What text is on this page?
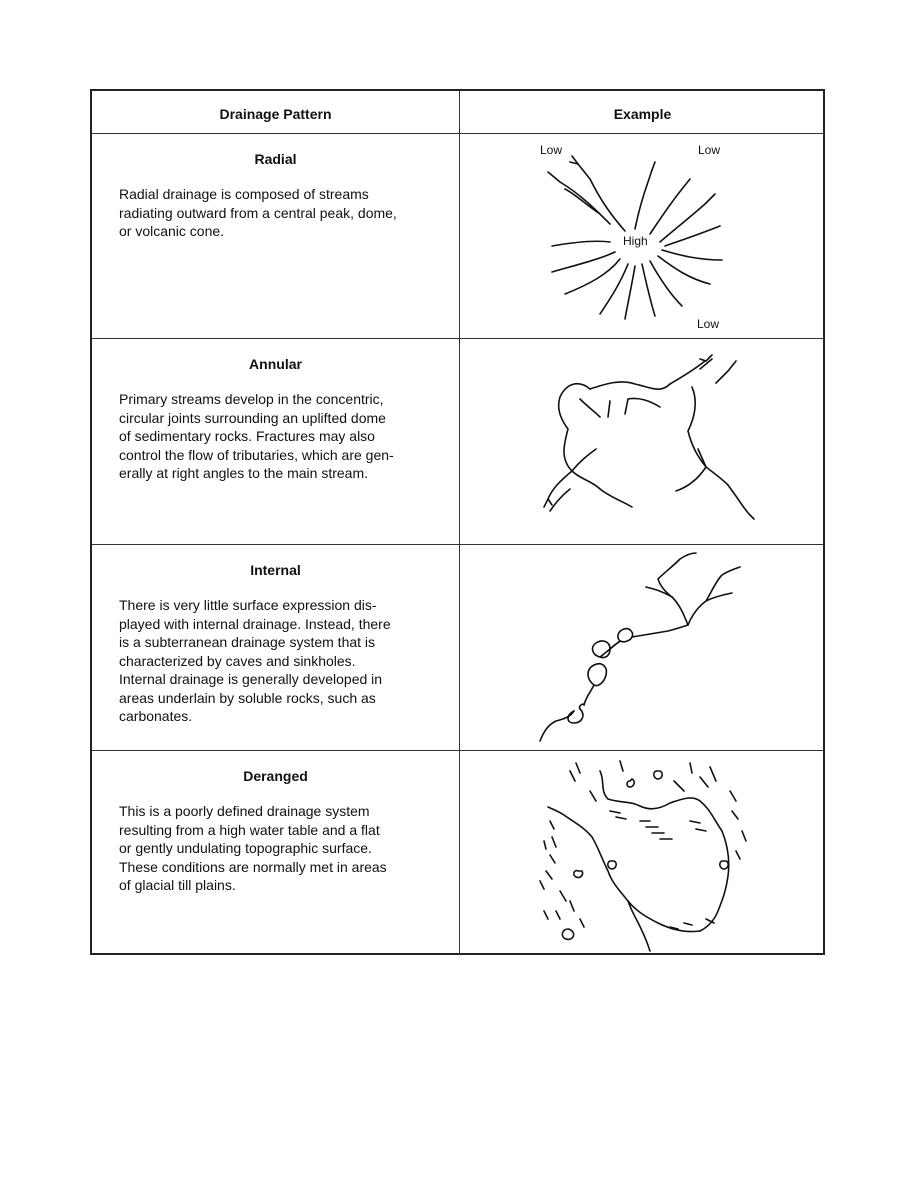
Drainage Pattern	Example
Radial
Radial drainage is composed of streams
radiating outward from a central peak, dome,
or volcanic cone.
Low	Low
High
Low
Annular
Primary streams develop in the concentric,
circular joints surrounding an uplifted dome
of sedimentary rocks. Fractures may also
control the flow of tributaries, which are gen-
erally at right angles to the main stream.
Internal
There is very little surface expression dis-
played with internal drainage. Instead, there
is a subterranean drainage system that is
characterized by caves and sinkholes.
Internal drainage is generally developed in
areas underlain by soluble rocks, such as
carbonates.
Deranged
This is a poorly defined drainage system
resulting from a high water table and a flat
or gently undulating topographic surface.
These conditions are normally met in areas
of glacial till plains.
